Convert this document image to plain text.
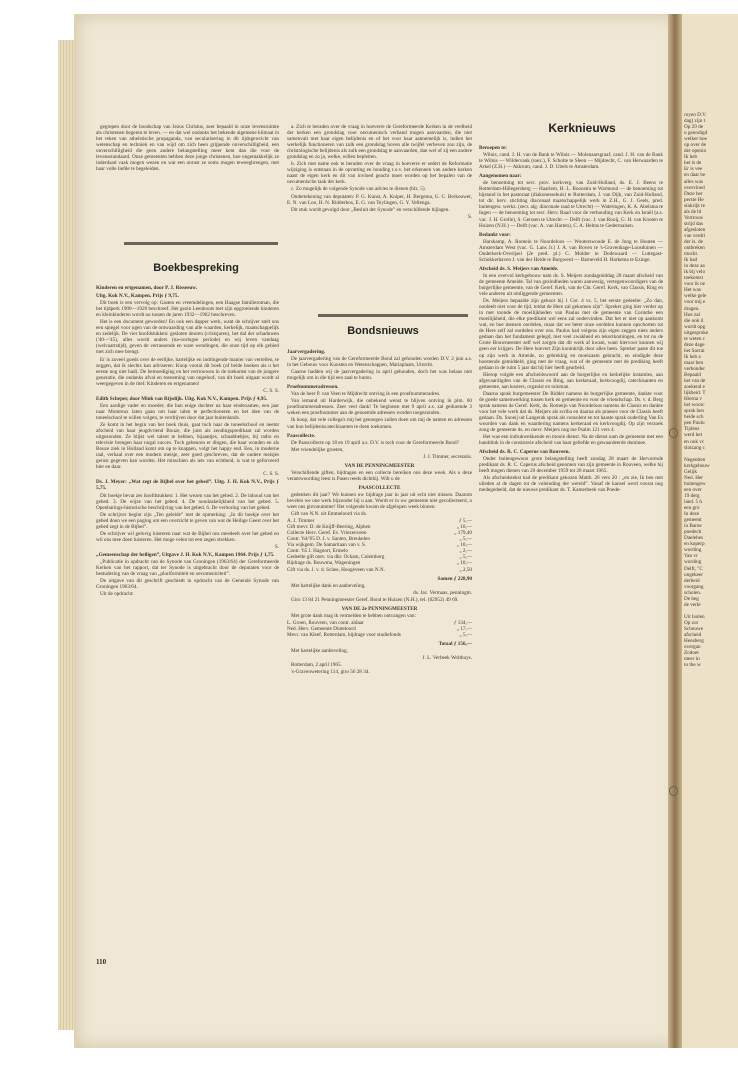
gegrepen door de boodschap van Jezus Christus, zeer bepaald in onze levensruimte als christenen begeren te leven. — en dat wel ondanks het bekende algemene klimaat in het teken van atheïstische propaganda, van secularisering in dit tijdsgewricht van wetenschap en techniek en van wijd om zich heen grijpende onverschilligheid, een onverschilligheid die geen andere belangstelling meer kent dan die voor de levensstandaard. Onze gemeenten hebben deze jonge christenen, hoe ongemakkelijk ze inderdaad vaak mogen wezen en wat een onrust ze soms mogen teweegbrengen, met haar volle liefde te begeleiden.

Boekbespreking

Kinderen en ertgenamen, door P. J. Risseeuw.

Uitg. Kok N.V., Kampen. Prijs ƒ 9,75.

Dit boek is een vervolg op: Gasten en vreemdelingen, een Haagse familieroman, die het tijdperk 1900—1920 beschreef. Het gezin Leenhouts met zijn opgroeiende kinderen en kleinkinderen wordt nu tussen de jaren 1932—1962 beschreven.

Het is een document geworden! En ook een dapper werk, want de schrijver stelt ons een spiegel voor ogen van de ontwaarding van alle waarden, kerkelijk, maatschappelijk en zedelijk. De vier hoofdstukken: gesloten deuren (crisisjaren), het dal der schaduwen ('40—'45), alles wordt anders (na-oorlogse periode) en wij leven vandaag (welvaartstijd), geven de verrassende en ware wendingen, die onze tijd op elk gebied met zich mee brengt.

Er is zoveel goeds over de eerlijke, hartelijke en indringende manier van vertellen, te zeggen, dat ik slechts kan adviseren: Koop voorai dit boek (of beide boeken als u het eerste nog niet had). De bemoediging en het vertrouwen in de toekomst van de jongere generatie, die ondanks afval en toeneming van ongeloof, van dit boek uitgaat wordt al weergegeven in de titel: Kinderen en ertgenamen!

C. S. S.

Edith Scheper, door Mink van Rijsdijk. Uitg. Kok N.V., Kampen. Prijs ƒ 4,95.

Een aardige vader en moeder, die hun enige dochter na haar eindexamen, een jaar naar Montreux laten gaan om haar talen te perfectioneren en het idee van de toneelschool te willen volgen, te verdrijven door dat jaar buitenlands.

Ze komt in het begin van het boek thuis, gaat toch naar de toneelschool en neemt afscheid van haar jeugdvriend Bouze, die juist als zendingspredikant zal worden uitgezonden. Ze blijkt wel talent te hebben, bijaantjes, schnabbeltjes, bij radio en televisie brengen haar nogal succes. Toch gebeuren er dingen, die haar wonden en als Bouze ziek in Holland komt om op te knappen, volgt het happy end. Een, in moderne taal, verhaal over een modern meisje, zeer goed geschreven, dat de oudere meisjes gerust gegeven kan worden. Het misschien als iets van echtheid, is wat te geforceerd hier en daar.

C. S. S.

Ds. J. Meyer: „Wat zegt de Bijbel over het gebed”. Uitg. J. H. Kok N.V., Prijs ƒ 5,75.

Dit boekje bevat zes hoofdstukken: 1. Het wezen van het gebed. 2. De inhoud van het gebed. 3. De wijze van het gebed. 4. De noodzakelijkheid van het gebed. 5. Openbarings-historische beschrijving van het gebed. 6. De verhoring van het gebed.

De schrijver begint zijn „Ten geleide” met de opmerking: „In dit boekje over het gebed doen we een poging om een overzicht te geven van wat de Heilige Geest over het gebed zegt in de Bijbel”.

De schrijver wil gelovig luisteren naar wat de Bijbel ons meedeelt over het gebed en wil ons mee doen luisteren. Het moge velen tot een zegen strekken.

S.

„Gemeenschap der heiligen”, Uitgave J. H. Kok N.V., Kampen 1964. Prijs ƒ 1,75.

„Publicatie in opdracht van de Synode van Groningen (1963/64) der Gereformeerde Kerken van het rapport, dat ter Synode is uitgebracht door de deputaten voor de bestudering van de vraag van „pluriformiteit en oecumeniciteit”.

De uitgave van dit geschrift geschiedt in opdracht van de Generale Synode van Groningen 1963/64.

Uit de opdracht:

110

a. Zich te beraden over de vraag in hoeverre de Gereformeerde Kerken in de veelheid der kerken een grondslag voor oecumenisch verband mogen aanvaarden, die niet samenvalt met haar eigen belijdenis en of het voor haar aannemelijk is, indien het werkelijk functioneren van zulk een grondslag boven alle twijfel verheven zou zijn, de christologische belijdenis als zulk een grondslag te aanvaarden, dan wel of zij een andere grondslag en zo ja, welke, willen bepleiten.

b. Zich met name ook te beraden over de vraag in hoeverre er sedert de Reformatie wijziging is ontstaan in de opvatting en houding t.o.v. het erkennen van andere kerken naast de eigen kerk en dit van invloed geacht moet worden op het bepalen van de oecumenische taak der kerk.

c. Zo mogelijk de volgende Synode van advies te dienen (blz. 5).

Ondertekening van deputaten: P. G. Kunst, A. Kuiper, H. Bergema, G. C. Berkouwer, E. N. van Loo, H. N. Ridderbos, E. G. van Teylingen, G. Y. Vellenga.

Dit stuk wordt gevolgd door „Besluit der Synode” en verschillende bijlagen.

S.

Bondsnieuws

Jaarvergadering.

De jaarvergadering van de Gereformeerde Bond zal gehouden worden D.V. 2 juni a.s. in het Gebouw voor Kunsten en Wetenschappen, Mariaplaats, Utrecht.

Gaarne hadden wij de jaarvergadering in april gehouden, doch het was helaas niet mogelijk om in die tijd een zaal te huren.

Proefnummeradressen.

Van de heer P. van Veen te Mijdrecht ontving ik een proefnummeradres.

Van iemand uit Harderwijk, die onbekend wenst te blijven ontving ik plm. 60 proefnummeradressen. Zeer veel dank! Te beginnen met 9 april a.s. zal gedurende 3 weken een proefnummer aan de genoemde adressen worden toegezonden.

Ik hoop, dat vele collega's mij het genoegen zullen doen om mij de namen en adressen van hun belijdeniscatechisanten te doen toekomen.

Paascollecte.

De Paascollecte op 18 en 19 april a.s. D.V. is toch voor de Gereformeerde Bond?

Met vriendelijke groeten,

J. J. Timmer, secretaris.

VAN DE PENNINGMEESTER

Verschillende giften, bijdragen en een collecte bereiken ons deze week. Als u deze verantwoording leest is Pasen reeds dichtbij. Wilt u de

PAASCOLLECTE

gedenken dit jaar? We kunnen uw bijdrage jaar in jaar uit echt niet missen. Daarom bevelen we one werk bijzonder bij u aan. Wordt er in uw gemeente niet gecollecteerd, u weet ons girronummer! Het volgende kwam de afgelopen week binnen:

Gift van N.N. uit Emmeloord via ds.

A. J. Timmer	ƒ 5,—
Gift mevr. D. de Knijff-Beering, Alphen	„ 10,—
Collecte Herv. Geref. Ev. Vriezenveen	„ 179,40
Contr. '64/'65 D. J. v. Santen, Breukelen	„ 5,—
Via wijkgem. De Samaritaan van v. S.	„ 10,—
Contr. '65 J. Hagoort, Ermelo	„ 2,—
Gedeelte gift ontv. via dhr. Ockam, Culemborg	„ 5,—
Bijdrage ds. Bouwma, Wageningen	„ 10,—
Gift via ds. J. v. d. Schee, Hoogeveen van N.N.	„ 2,50

Samen ƒ 228,90

Met hartelijke dank en aanbeveling,

ds. Jac. Vermaas, penningm.

Giro 13 84 21 Penningmeester Geref. Bond te Huizen (N.H.), tel. (02952) 49 69.

VAN DE 2e PENNINGMEESTER

Met grote dank mag ik vermelden te hebben ontvangen van:

L. Groen, Rouveen, van contr. aldaar	ƒ 134,—
Ned. Herv. Gemeente Dinteloord	„ 17,—
Mevr. van Kleef, Rotterdam, bijdrage voor studiefonds	„ 5,—

Totaal ƒ 156,—

Met hartelijke aanbeveling,

J. L. Verbeek Wolthuys.

Rotterdam, 2 april 1965.

's-Gravenwetering 114, giro 56 28 34.

Kerknieuws

Beroepen te:

Wilnis, cand. J. H. van de Bank te Wilnis — Molenaarsgraaf, cand. J. H. van de Bank te Wilnis — Wildervank (toez.), F. Scholte te Sleen — Mijdrecht, C. van Herwaarden te Arkel (Z.H.) — Akkrum, cand. J. D. Ubels te Amsterdam.

Aangenomen naar:

de benoeming tot secr. prov. kerkverg. van Zuid-Holland, ds. E. J. Beens te Rotterdam-Hillegersberg — Haarlem, H. L. Boonstra te Warmond — de benoeming tot bijstand in het pastoraat (diakonessehuis) te Rotterdam, J. van Dijk, van Zuid-Holland, tot dir. herv. stichting diaconaal maatschappelijk werk in Z.H., G. J. Geels, pred. buitengew. werkz. (secr. alg. diaconale raad te Utrecht) — Wateringen, K. A. Abelsma te Ingen — de benoeming tot secr. Herv. Raad voor de verhouding van Kerk en Israël (a.s. vac. J. H. Grolle), S. Gerssen te Utrecht — Delft (vac. J. van Rooij, G. H. van Knoten te Huizen (N.H.) — Delft (vac. A. van Harten), C. A. Helms te Gedermalsen.

Bedankt voor:

Harskamp, A. Romein te Noordeloos — Wouterswoude E. de Jong te Houten — Amsterdam West (vac. G. Lans Jr.) J. A. van Boven te 's-Gravenhage-Loosduinen — Ouderkerk-Overijsel (2e pred. pl.) C. Mulder te Dodewaard — Luttegast-Schokkerhaven J. van der Heide te Burgwerd — Barneveld H. Harkema te Ezinge.

Afscheid ds. S. Meijers van Ameide.

In een overvol kerkgebouw nam ds. S. Meijers zondagmiddag 28 maart afscheid van de gemeente Ameide. Tal van gezindheden waren aanwezig, vertegenwoordigers van de burgerlijke gemeente, van de Geref. Kerk, van de Chr. Geref. Kerk, van Classis, Ring en vele anderen uit omliggende gemeenten.

Ds. Meijers bepaalde zijn gehoor bij 1 Cor. 4 vs. 5, het eerste gedeelte: „Zo dan, oordeelt niet voor de tijd, totdat de Here zal gekomen zijn”. Spreker ging hier verder op in met toonde de moeilijkheden van Paulus met de gemeente van Corinthe een moeilijkheid, die elke predikant wel eens zal ondervinden. Dat het er niet op aankomt wat, en hoe mensen oordelen, maar dat we beter onze oordelen kunnen opschorten tot de Here zelf zal oordelen over ons. Paulus had volgens zijn eigen zeggen niets anders gedaan dan het fundament gelegd, met veel zwakheid en tekortkomingen, en tot nu de Grote Bouwmeester zelf wel zorgen dat dit werk af kwam, want hiervoor kunnen wij geen eer krijgen. De Here hoevert Zijn koninkrijk door alles heen. Spreker paste dit toe op zijn werk in Ameide, zo gebrekkig en moeizaam gebracht, en eindigde deze hoestende gemiddeld, ging met de vraag, wat of de gemeente met de prediking heeft gedaan in de ruim 5 jaar dat hij hier heeft gearbeid.

Hierop volgde een afscheidswoord aan de burgerlijke en kerkelijke instanties, aan afgevaardigden van de Classis en Ring, aan kerkeraad, kerkvoogdij, catechisanten en gemeente, aan kosters, organist en tuinman.

Daarna sprak burgemeester De Ridder namens de burgerlijke gemeente, dankte voor de goede samenwerking tussen kerk en gemeente en voor de vriendschap. Ds. v. d. Berg sprak namens de Geref. Kerk, ds. Romeijn van Noordeloos namens de Classis en dankte voor het vele werk dat ds. Meijers als scriba en daarna als praeses voor de Classis heeft gedaan. Ds. Snoeij uit Langerak sprak als consulent en tot haaste sprak ouderling Van Es woorden van dank en waardering namens kerkeraad en kerkvoogdij. Op zijn verzoek zong de gemeente ds. en mevr. Meijers nog toe Psalm 121 vers 4.

Het was een indrukwekkende en mooie dienst. Na de dienst nam de gemeente met een handdruk in de consistorie afscheid van haar geliefde en gewaardeerde dominee.

Afscheid ds. R. C. Caperus van Rouveen.

Onder buitengewoon grote belangstelling heeft zondag 28 maart de Hervormde predikant ds. R. C. Caperus afscheid genomen van zijn gemeente in Rouveen, welke hij heeft mogen dienen van 20 december 1959 tot 28 maart 1965.

Als afscheidstekst had de predikant gekozen Matth. 26 vers 20 : „en zie, Ik ben met ulieden al de dagen tot de voleinding der wereld”. Vanaf de kansel werd voorat nog medegedeeld, dat de nieuwe predikant ds. T. Kamerbeek van Poede-

royen D.V.
dag) zijn t
Op 29 de
u genodigd
welker hoe
op over de
der openin
Ik heb
het is de
Er is vee
en daar be
alles was
overvloed
Deze her
perste He
sinkrijk te
als de bl
Vertrouw
strijd das
afgesloten
van verdri
der is. de
ontbreken
mocht.
Ik had
in deze aa
ik bij velo
toekomst
voor ik ne
Het was
welke gele
voor mij e
dragen.
Hoe zal
die ook il
wordt opg
uitgesproke
te weten c
deze dage
het Sacrai
Ik heb a
maar ben
verbonder
Bepaald
het van de
zoekend e
lijkheid. T
Hierna v
het woorc
sprak hen
beide sch
pen Paulu
Tijdens
werd het
en ook vc
slotzang c

Negentien
kerkgebouw
Gelijk
Ned. Her
buitengew
een over
19 derg
land. 5 h
een gro
In deze
gemeent
in Barne
poedech
Daelebes
en koperp
wording
Van vr
wording
Delft, "C
ongekeer
derheid
voorgang
scholen.
De beg
de verle

Uit Isolen
Op zor
Schouwe
afscheid
Hensberg
overgan
Zodoer
meer in
to the w
